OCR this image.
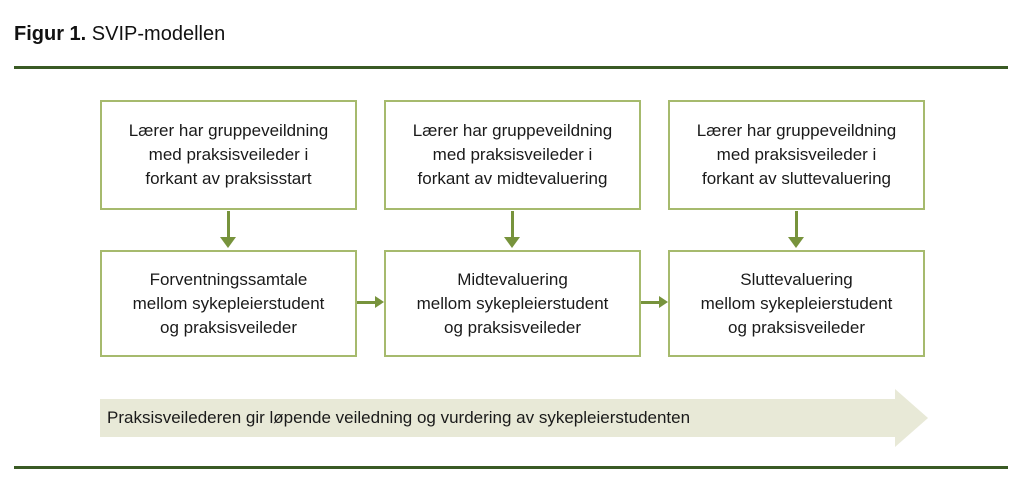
Figur 1. SVIP-modellen
Lærer har gruppeveildning
med praksisveileder i
forkant av praksisstart
Lærer har gruppeveildning
med praksisveileder i
forkant av midtevaluering
Lærer har gruppeveildning
med praksisveileder i
forkant av sluttevaluering
Forventningssamtale
mellom sykepleierstudent
og praksisveileder
Midtevaluering
mellom sykepleierstudent
og praksisveileder
Sluttevaluering
mellom sykepleierstudent
og praksisveileder
Praksisveilederen gir løpende veiledning og vurdering av sykepleierstudenten
